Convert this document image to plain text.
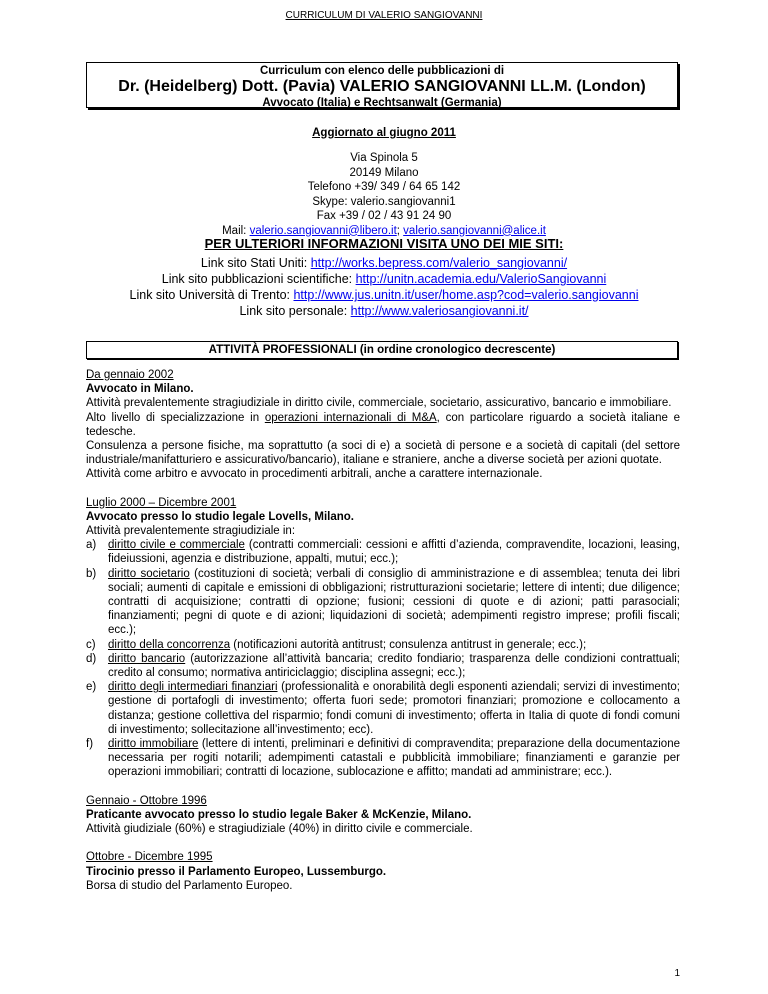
CURRICULUM DI VALERIO SANGIOVANNI
Curriculum con elenco delle pubblicazioni di
Dr. (Heidelberg) Dott. (Pavia) VALERIO SANGIOVANNI LL.M. (London)
Avvocato (Italia) e Rechtsanwalt (Germania)
Aggiornato al giugno 2011
Via Spinola 5
20149 Milano
Telefono +39/ 349 / 64 65 142
Skype: valerio.sangiovanni1
Fax +39 / 02 / 43 91 24 90
Mail: valerio.sangiovanni@libero.it; valerio.sangiovanni@alice.it
PER ULTERIORI INFORMAZIONI VISITA UNO DEI MIE SITI:
Link sito Stati Uniti: http://works.bepress.com/valerio_sangiovanni/
Link sito pubblicazioni scientifiche: http://unitn.academia.edu/ValerioSangiovanni
Link sito Università di Trento: http://www.jus.unitn.it/user/home.asp?cod=valerio.sangiovanni
Link sito personale: http://www.valeriosangiovanni.it/
ATTIVITÀ PROFESSIONALI (in ordine cronologico decrescente)

Da gennaio 2002

Avvocato in Milano.

Attività prevalentemente stragiudiziale in diritto civile, commerciale, societario, assicurativo, bancario e immobiliare.

Alto livello di specializzazione in operazioni internazionali di M&A, con particolare riguardo a società italiane e tedesche.

Consulenza a persone fisiche, ma soprattutto (a soci di e) a società di persone e a società di capitali (del settore industriale/manifatturiero e assicurativo/bancario), italiane e straniere, anche a diverse società per azioni quotate.

Attività come arbitro e avvocato in procedimenti arbitrali, anche a carattere internazionale.

Luglio 2000 – Dicembre 2001

Avvocato presso lo studio legale Lovells, Milano.

Attività prevalentemente stragiudiziale in:

a) diritto civile e commerciale (contratti commerciali: cessioni e affitti d’azienda, compravendite, locazioni, leasing, fideiussioni, agenzia e distribuzione, appalti, mutui; ecc.);
b) diritto societario (costituzioni di società; verbali di consiglio di amministrazione e di assemblea; tenuta dei libri sociali; aumenti di capitale e emissioni di obbligazioni; ristrutturazioni societarie; lettere di intenti; due diligence; contratti di acquisizione; contratti di opzione; fusioni; cessioni di quote e di azioni; patti parasociali; finanziamenti; pegni di quote e di azioni; liquidazioni di società; adempimenti registro imprese; profili fiscali; ecc.);
c) diritto della concorrenza (notificazioni autorità antitrust; consulenza antitrust in generale; ecc.);
d) diritto bancario (autorizzazione all’attività bancaria; credito fondiario; trasparenza delle condizioni contrattuali; credito al consumo; normativa antiriciclaggio; disciplina assegni; ecc.);
e) diritto degli intermediari finanziari (professionalità e onorabilità degli esponenti aziendali; servizi di investimento; gestione di portafogli di investimento; offerta fuori sede; promotori finanziari; promozione e collocamento a distanza; gestione collettiva del risparmio; fondi comuni di investimento; offerta in Italia di quote di fondi comuni di investimento; sollecitazione all’investimento; ecc).
f) diritto immobiliare (lettere di intenti, preliminari e definitivi di compravendita; preparazione della documentazione necessaria per rogiti notarili; adempimenti catastali e pubblicità immobiliare; finanziamenti e garanzie per operazioni immobiliari; contratti di locazione, sublocazione e affitto; mandati ad amministrare; ecc.).

Gennaio - Ottobre 1996

Praticante avvocato presso lo studio legale Baker & McKenzie, Milano.

Attività giudiziale (60%) e stragiudiziale (40%) in diritto civile e commerciale.

Ottobre - Dicembre 1995

Tirocinio presso il Parlamento Europeo, Lussemburgo.

Borsa di studio del Parlamento Europeo.

1
